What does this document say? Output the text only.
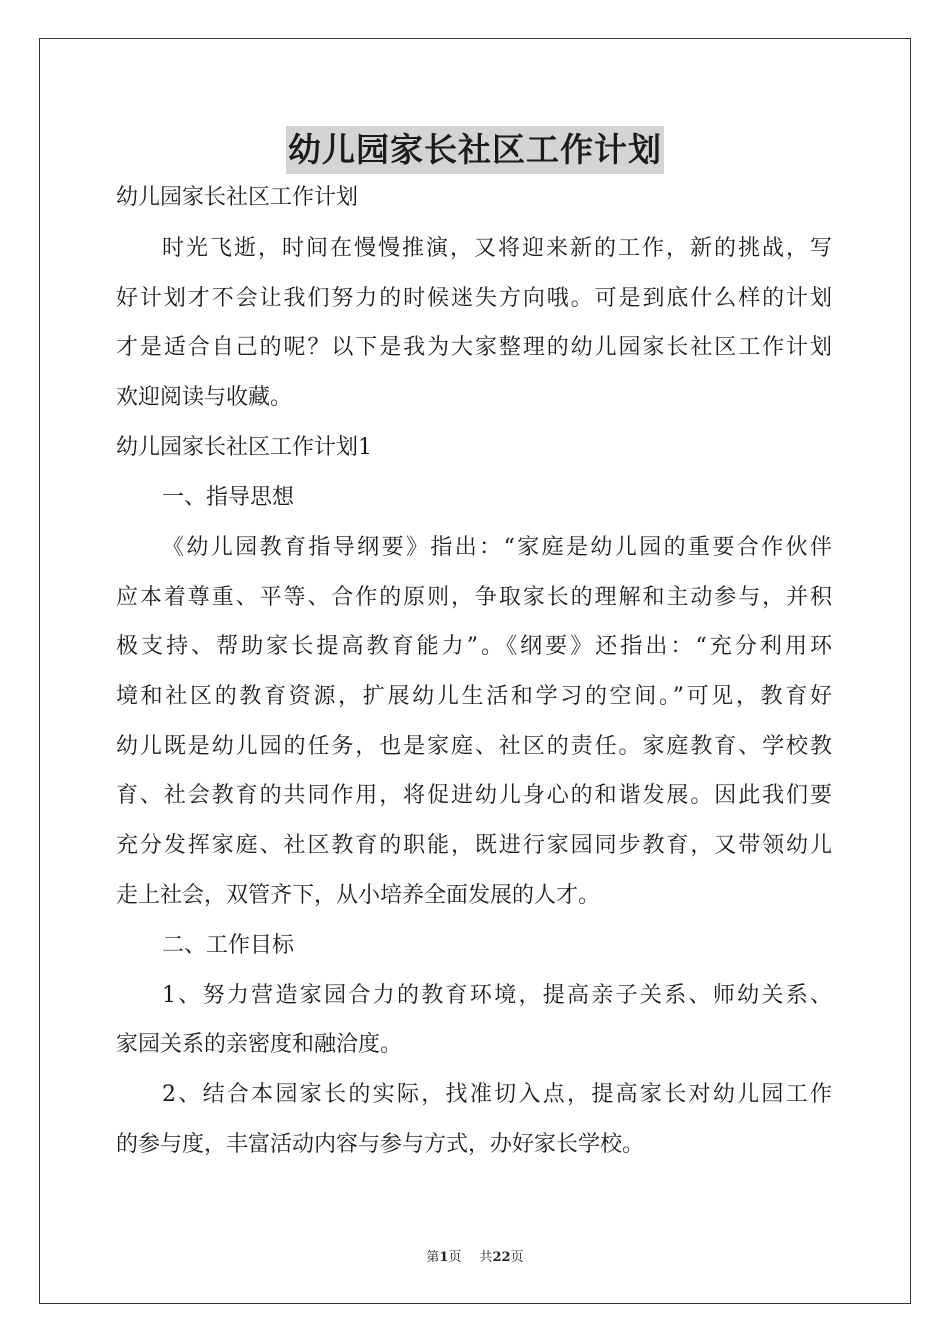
幼儿园家长社区工作计划
幼儿园家长社区工作计划
时光飞逝，时间在慢慢推演，又将迎来新的工作，新的挑战，写
好计划才不会让我们努力的时候迷失方向哦。可是到底什么样的计划
才是适合自己的呢？以下是我为大家整理的幼儿园家长社区工作计划
欢迎阅读与收藏。
幼儿园家长社区工作计划1
一、指导思想
《幼儿园教育指导纲要》指出：“家庭是幼儿园的重要合作伙伴
应本着尊重、平等、合作的原则，争取家长的理解和主动参与，并积
极支持、帮助家长提高教育能力”。《纲要》还指出：“充分利用环
境和社区的教育资源，扩展幼儿生活和学习的空间。”可见，教育好
幼儿既是幼儿园的任务，也是家庭、社区的责任。家庭教育、学校教
育、社会教育的共同作用，将促进幼儿身心的和谐发展。因此我们要
充分发挥家庭、社区教育的职能，既进行家园同步教育，又带领幼儿
走上社会，双管齐下，从小培养全面发展的人才。
二、工作目标
1、努力营造家园合力的教育环境，提高亲子关系、师幼关系、
家园关系的亲密度和融洽度。
2、结合本园家长的实际，找准切入点，提高家长对幼儿园工作
的参与度，丰富活动内容与参与方式，办好家长学校。
第1页 共22页
